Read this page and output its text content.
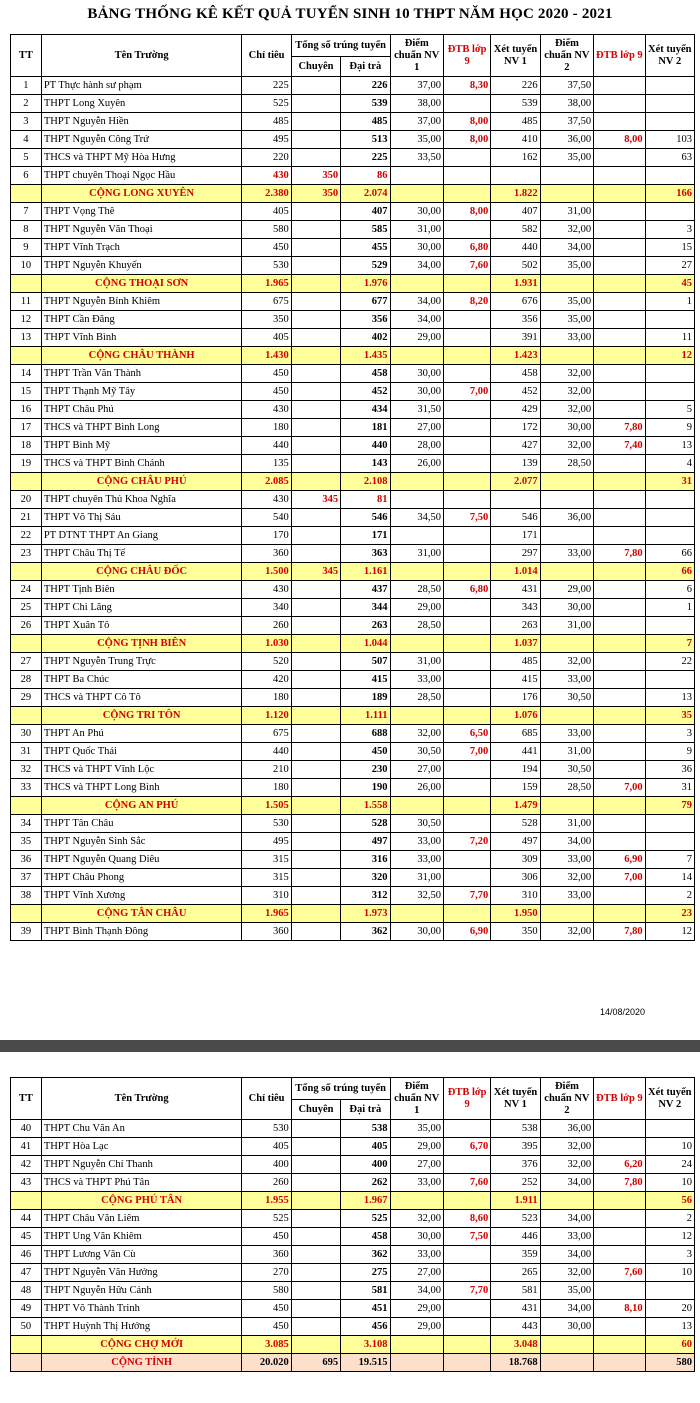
BẢNG THỐNG KÊ KẾT QUẢ TUYỂN SINH 10 THPT NĂM HỌC 2020 - 2021
TT	Tên Trường	Chỉ tiêu	Tổng số trúng tuyển		Điểm chuẩn NV 1	ĐTB lớp 9	Xét tuyển NV 1	Điểm chuẩn NV 2	ĐTB lớp 9	Xét tuyển NV 2
			Chuyên	Đại trà						
1	PT Thực hành sư phạm	225		226	37,00	8,30	226	37,50		
2	THPT Long Xuyên	525		539	38,00		539	38,00		
3	THPT Nguyễn Hiền	485		485	37,00	8,00	485	37,50		
4	THPT Nguyễn Công Trứ	495		513	35,00	8,00	410	36,00	8,00	103
5	THCS và THPT Mỹ Hòa Hưng	220		225	33,50		162	35,00		63
6	THPT chuyên Thoại Ngọc Hầu	430	350	86						
	CỘNG LONG XUYÊN	2.380	350	2.074			1.822			166
7	THPT Vọng Thê	405		407	30,00	8,00	407	31,00		
8	THPT Nguyễn Văn Thoại	580		585	31,00		582	32,00		3
9	THPT Vĩnh Trạch	450		455	30,00	6,80	440	34,00		15
10	THPT Nguyễn Khuyến	530		529	34,00	7,60	502	35,00		27
	CỘNG THOẠI SƠN	1.965		1.976			1.931			45
11	THPT Nguyễn Bỉnh Khiêm	675		677	34,00	8,20	676	35,00		1
12	THPT Cần Đăng	350		356	34,00		356	35,00		
13	THPT Vĩnh Bình	405		402	29,00		391	33,00		11
	CỘNG CHÂU THÀNH	1.430		1.435			1.423			12
14	THPT Trần Văn Thành	450		458	30,00		458	32,00		
15	THPT Thạnh Mỹ Tây	450		452	30,00	7,00	452	32,00		
16	THPT Châu Phú	430		434	31,50		429	32,00		5
17	THCS và THPT Bình Long	180		181	27,00		172	30,00	7,80	9
18	THPT Bình Mỹ	440		440	28,00		427	32,00	7,40	13
19	THCS và THPT Bình Chánh	135		143	26,00		139	28,50		4
	CỘNG CHÂU PHÚ	2.085		2.108			2.077			31
20	THPT chuyên Thủ Khoa Nghĩa	430	345	81						
21	THPT Võ Thị Sáu	540		546	34,50	7,50	546	36,00		
22	PT DTNT THPT An Giang	170		171			171			
23	THPT Châu Thị Tế	360		363	31,00		297	33,00	7,80	66
	CỘNG CHÂU ĐỐC	1.500	345	1.161			1.014			66
24	THPT Tịnh Biên	430		437	28,50	6,80	431	29,00		6
25	THPT Chi Lăng	340		344	29,00		343	30,00		1
26	THPT Xuân Tô	260		263	28,50		263	31,00		
	CỘNG TỊNH BIÊN	1.030		1.044			1.037			7
27	THPT Nguyễn Trung Trực	520		507	31,00		485	32,00		22
28	THPT Ba Chúc	420		415	33,00		415	33,00		
29	THCS và THPT Cô Tô	180		189	28,50		176	30,50		13
	CỘNG TRI TÔN	1.120		1.111			1.076			35
30	THPT An Phú	675		688	32,00	6,50	685	33,00		3
31	THPT Quốc Thái	440		450	30,50	7,00	441	31,00		9
32	THCS và THPT Vĩnh Lộc	210		230	27,00		194	30,50		36
33	THCS và THPT Long Bình	180		190	26,00		159	28,50	7,00	31
	CỘNG AN PHÚ	1.505		1.558			1.479			79
34	THPT Tân Châu	530		528	30,50		528	31,00		
35	THPT Nguyễn Sinh Sắc	495		497	33,00	7,20	497	34,00		
36	THPT Nguyễn Quang Diêu	315		316	33,00		309	33,00	6,90	7
37	THPT Châu Phong	315		320	31,00		306	32,00	7,00	14
38	THPT Vĩnh Xương	310		312	32,50	7,70	310	33,00		2
	CỘNG TÂN CHÂU	1.965		1.973			1.950			23
39	THPT Bình Thạnh Đông	360		362	30,00	6,90	350	32,00	7,80	12
14/08/2020
TT	Tên Trường	Chỉ tiêu	Tổng số trúng tuyển		Điểm chuẩn NV 1	ĐTB lớp 9	Xét tuyển NV 1	Điểm chuẩn NV 2	ĐTB lớp 9	Xét tuyển NV 2
			Chuyên	Đại trà						
40	THPT Chu Văn An	530		538	35,00		538	36,00		
41	THPT Hòa Lạc	405		405	29,00	6,70	395	32,00		10
42	THPT Nguyễn Chí Thanh	400		400	27,00		376	32,00	6,20	24
43	THCS và THPT Phú Tân	260		262	33,00	7,60	252	34,00	7,80	10
	CỘNG PHÚ TÂN	1.955		1.967			1.911			56
44	THPT Châu Văn Liêm	525		525	32,00	8,60	523	34,00		2
45	THPT Ung Văn Khiêm	450		458	30,00	7,50	446	33,00		12
46	THPT Lương Văn Cù	360		362	33,00		359	34,00		3
47	THPT Nguyễn Văn Hưởng	270		275	27,00		265	32,00	7,60	10
48	THPT Nguyễn Hữu Cảnh	580		581	34,00	7,70	581	35,00		
49	THPT Võ Thành Trinh	450		451	29,00		431	34,00	8,10	20
50	THPT Huỳnh Thị Hưởng	450		456	29,00		443	30,00		13
	CỘNG CHỢ MỚI	3.085		3.108			3.048			60
	CỘNG TỈNH	20.020	695	19.515			18.768			580
